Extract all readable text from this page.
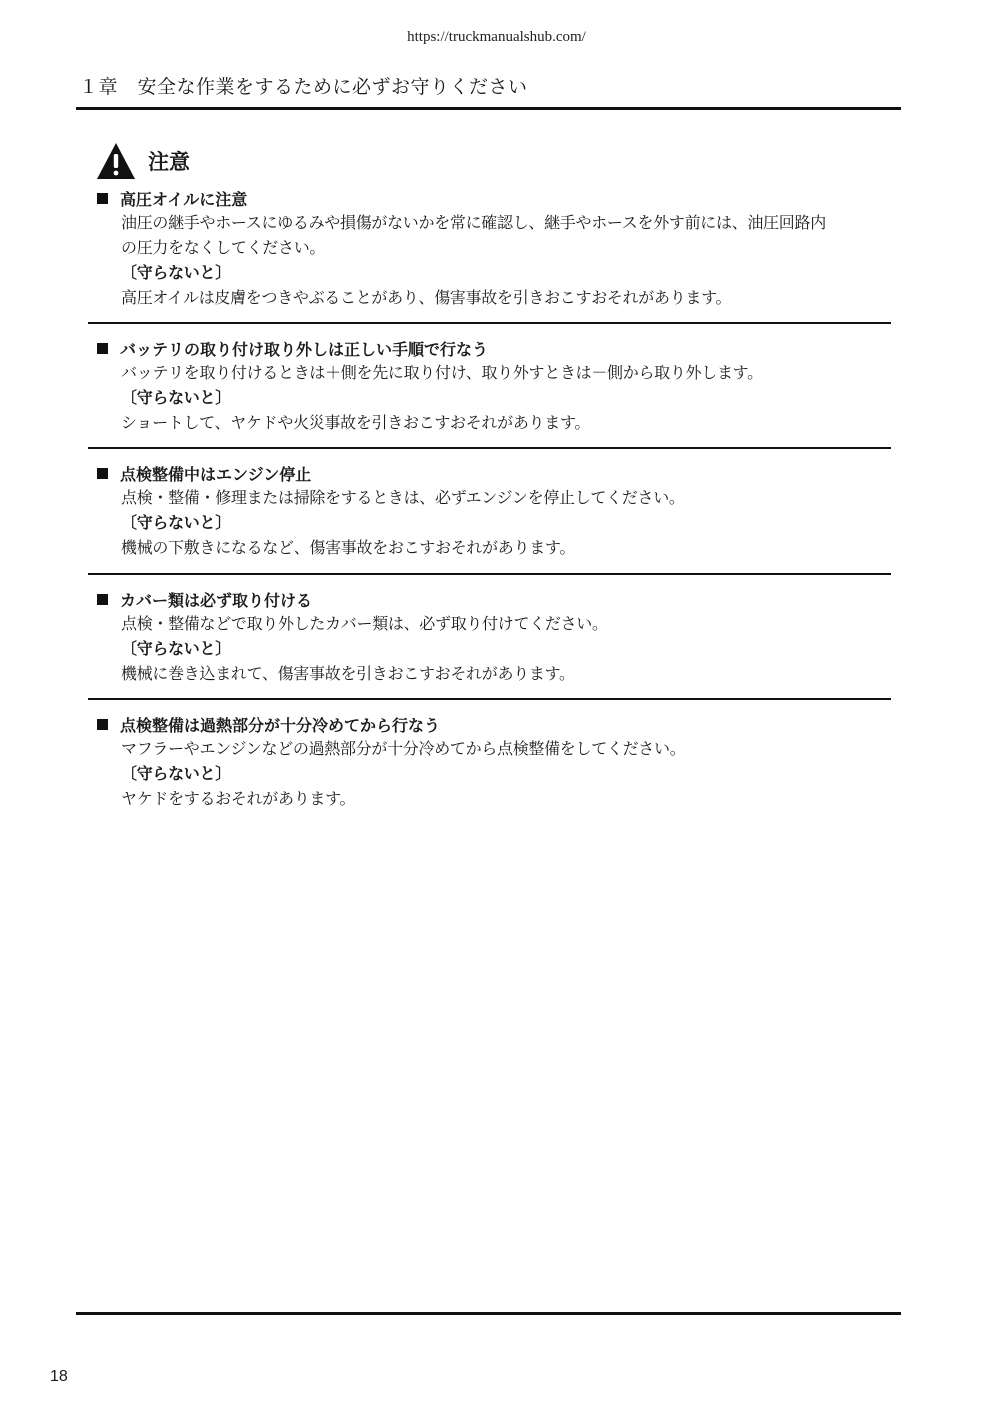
https://truckmanualshub.com/
１章　安全な作業をするために必ずお守りください
注意
高圧オイルに注意
油圧の継手やホースにゆるみや損傷がないかを常に確認し、継手やホースを外す前には、油圧回路内
の圧力をなくしてください。
〔守らないと〕
高圧オイルは皮膚をつきやぶることがあり、傷害事故を引きおこすおそれがあります。
バッテリの取り付け取り外しは正しい手順で行なう
バッテリを取り付けるときは＋側を先に取り付け、取り外すときは－側から取り外します。
〔守らないと〕
ショートして、ヤケドや火災事故を引きおこすおそれがあります。
点検整備中はエンジン停止
点検・整備・修理または掃除をするときは、必ずエンジンを停止してください。
〔守らないと〕
機械の下敷きになるなど、傷害事故をおこすおそれがあります。
カバー類は必ず取り付ける
点検・整備などで取り外したカバー類は、必ず取り付けてください。
〔守らないと〕
機械に巻き込まれて、傷害事故を引きおこすおそれがあります。
点検整備は過熱部分が十分冷めてから行なう
マフラーやエンジンなどの過熱部分が十分冷めてから点検整備をしてください。
〔守らないと〕
ヤケドをするおそれがあります。
18
